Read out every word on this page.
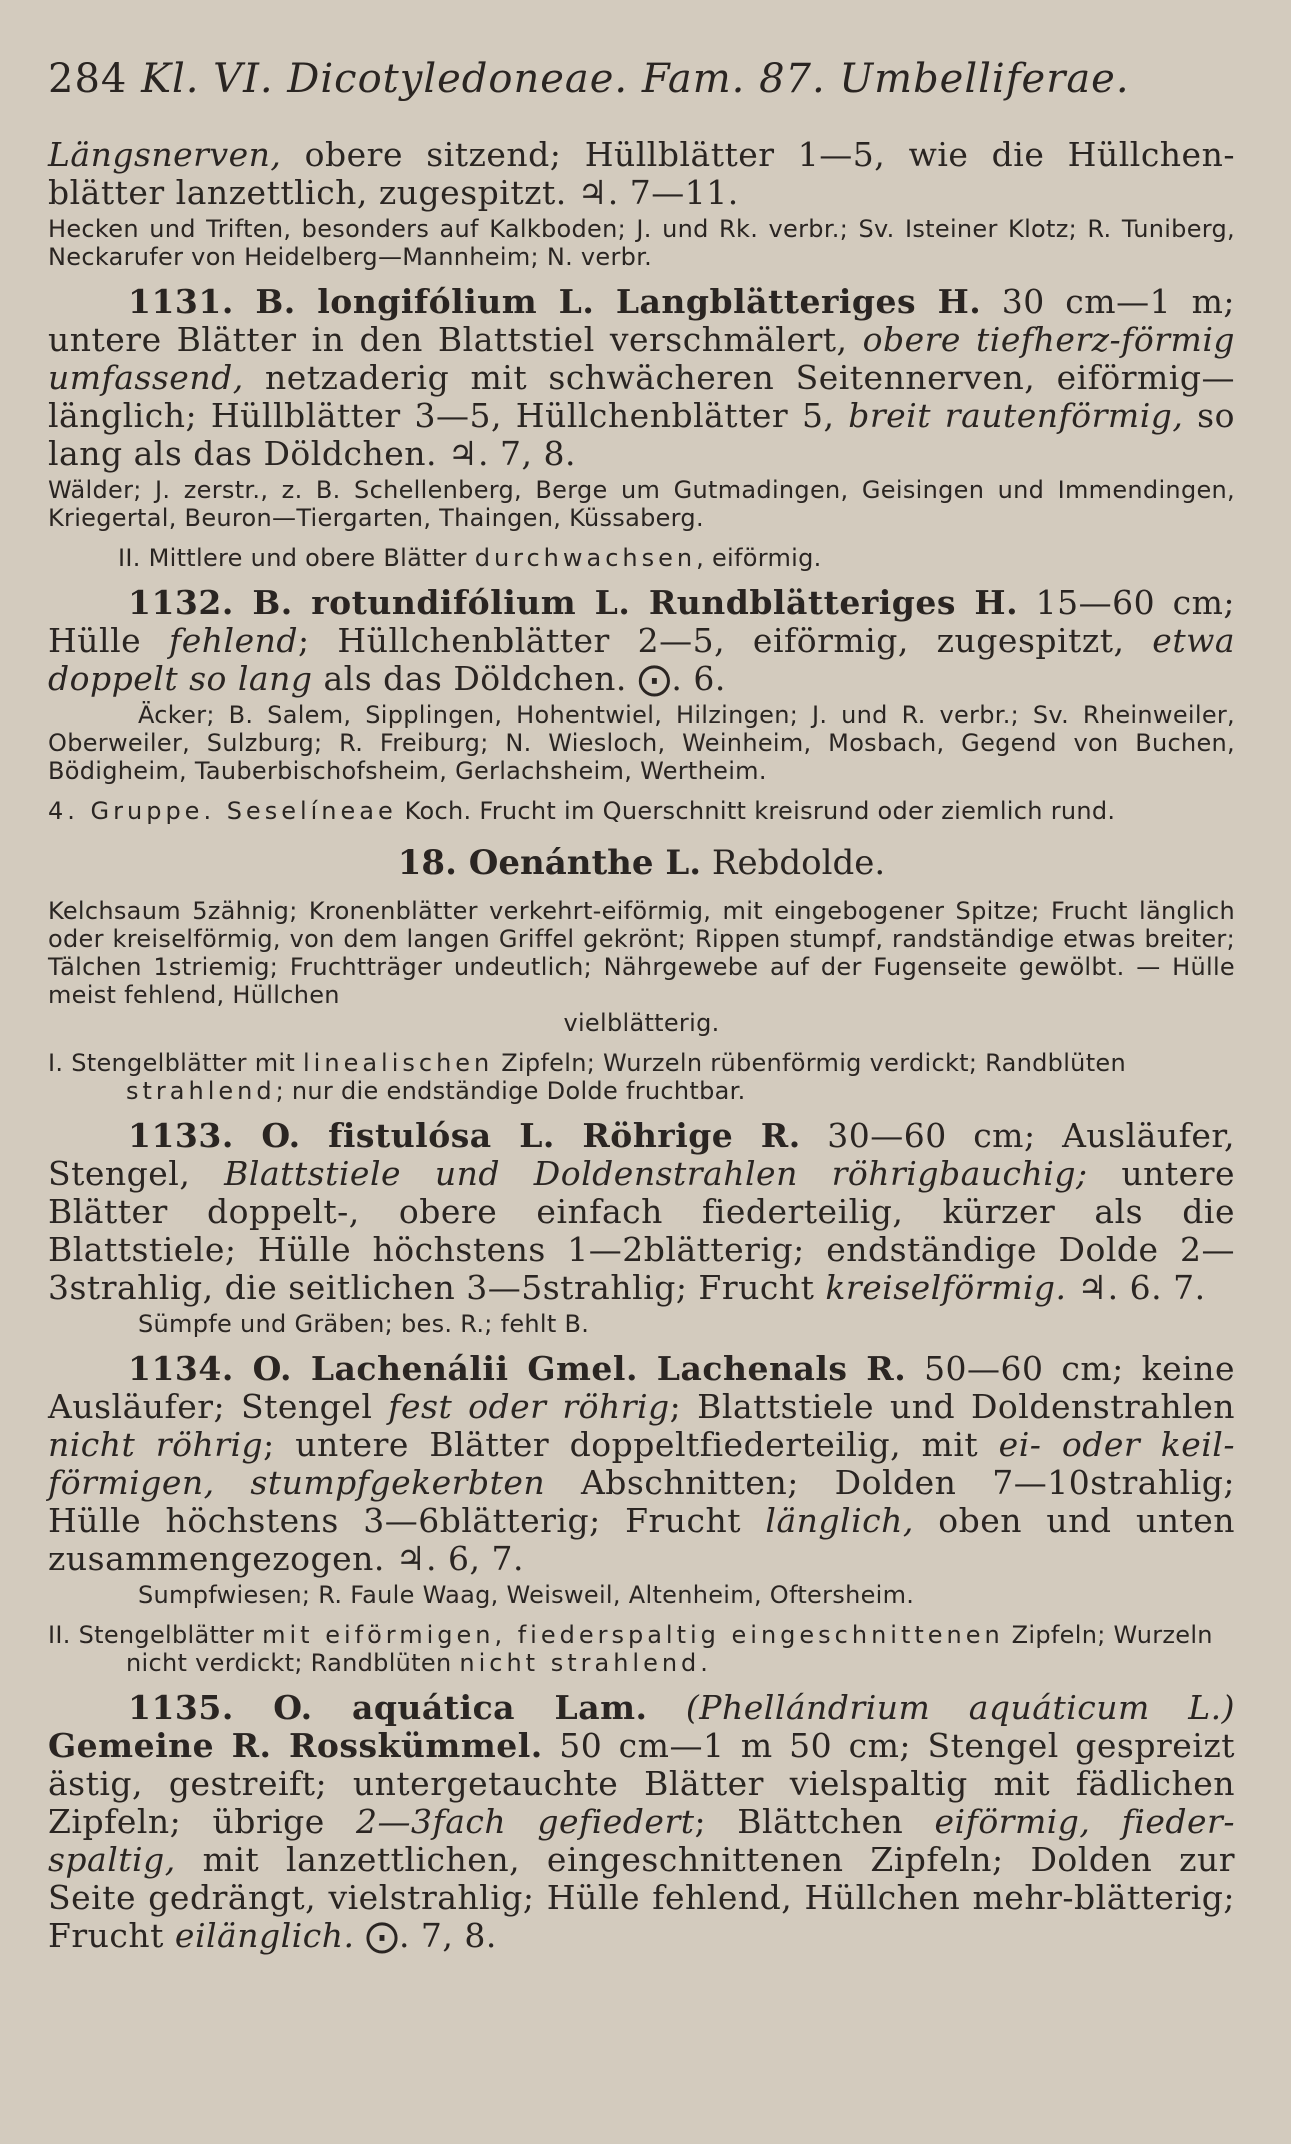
284 Kl. VI. Dicotyledoneae. Fam. 87. Umbelliferae.

Längsnerven, obere sitzend; Hüllblätter 1—5, wie die Hüllchen-blätter lanzettlich, zugespitzt. ♃. 7—11.

Hecken und Triften, besonders auf Kalkboden; J. und Rk. verbr.; Sv. Isteiner Klotz; R. Tuniberg, Neckarufer von Heidelberg—Mannheim; N. verbr.

1131. B. longifólium L. Langblätteriges H. 30 cm—1 m; untere Blätter in den Blattstiel verschmälert, obere tiefherz-förmig umfassend, netzaderig mit schwächeren Seitennerven, eiförmig—länglich; Hüllblätter 3—5, Hüllchenblätter 5, breit rautenförmig, so lang als das Döldchen. ♃. 7, 8.

Wälder; J. zerstr., z. B. Schellenberg, Berge um Gutmadingen, Geisingen und Immendingen, Kriegertal, Beuron—Tiergarten, Thaingen, Küssaberg.

II. Mittlere und obere Blätter durchwachsen, eiförmig.

1132. B. rotundifólium L. Rundblätteriges H. 15—60 cm; Hülle fehlend; Hüllchenblätter 2—5, eiförmig, zugespitzt, etwa doppelt so lang als das Döldchen. ⨀. 6.

Äcker; B. Salem, Sipplingen, Hohentwiel, Hilzingen; J. und R. verbr.; Sv. Rheinweiler, Oberweiler, Sulzburg; R. Freiburg; N. Wiesloch, Weinheim, Mosbach, Gegend von Buchen, Bödigheim, Tauberbischofsheim, Gerlachsheim, Wertheim.

4. Gruppe. Seselíneae Koch. Frucht im Querschnitt kreisrund oder ziemlich rund.

18. Oenánthe L. Rebdolde.

Kelchsaum 5zähnig; Kronenblätter verkehrt-eiförmig, mit eingebogener Spitze; Frucht länglich oder kreiselförmig, von dem langen Griffel gekrönt; Rippen stumpf, randständige etwas breiter; Tälchen 1striemig; Fruchtträger undeutlich; Nährgewebe auf der Fugenseite gewölbt. — Hülle meist fehlend, Hüllchen
vielblätterig.

I. Stengelblätter mit linealischen Zipfeln; Wurzeln rübenförmig verdickt; Randblüten strahlend; nur die endständige Dolde fruchtbar.

1133. O. fistulósa L. Röhrige R. 30—60 cm; Ausläufer, Stengel, Blattstiele und Doldenstrahlen röhrigbauchig; untere Blätter doppelt-, obere einfach fiederteilig, kürzer als die Blattstiele; Hülle höchstens 1—2blätterig; endständige Dolde 2—3strahlig, die seitlichen 3—5strahlig; Frucht kreiselförmig. ♃. 6. 7.

Sümpfe und Gräben; bes. R.; fehlt B.

1134. O. Lachenálii Gmel. Lachenals R. 50—60 cm; keine Ausläufer; Stengel fest oder röhrig; Blattstiele und Doldenstrahlen nicht röhrig; untere Blätter doppeltfiederteilig, mit ei- oder keil-förmigen, stumpfgekerbten Abschnitten; Dolden 7—10strahlig; Hülle höchstens 3—6blätterig; Frucht länglich, oben und unten zusammengezogen. ♃. 6, 7.

Sumpfwiesen; R. Faule Waag, Weisweil, Altenheim, Oftersheim.

II. Stengelblätter mit eiförmigen, fiederspaltig eingeschnittenen Zipfeln; Wurzeln nicht verdickt; Randblüten nicht strahlend.

1135. O. aquática Lam. (Phellándrium aquáticum L.) Gemeine R. Rosskümmel. 50 cm—1 m 50 cm; Stengel gespreizt ästig, gestreift; untergetauchte Blätter vielspaltig mit fädlichen Zipfeln; übrige 2—3fach gefiedert; Blättchen eiförmig, fieder-spaltig, mit lanzettlichen, eingeschnittenen Zipfeln; Dolden zur Seite gedrängt, vielstrahlig; Hülle fehlend, Hüllchen mehr-blätterig; Frucht eilänglich. ⨀. 7, 8.
